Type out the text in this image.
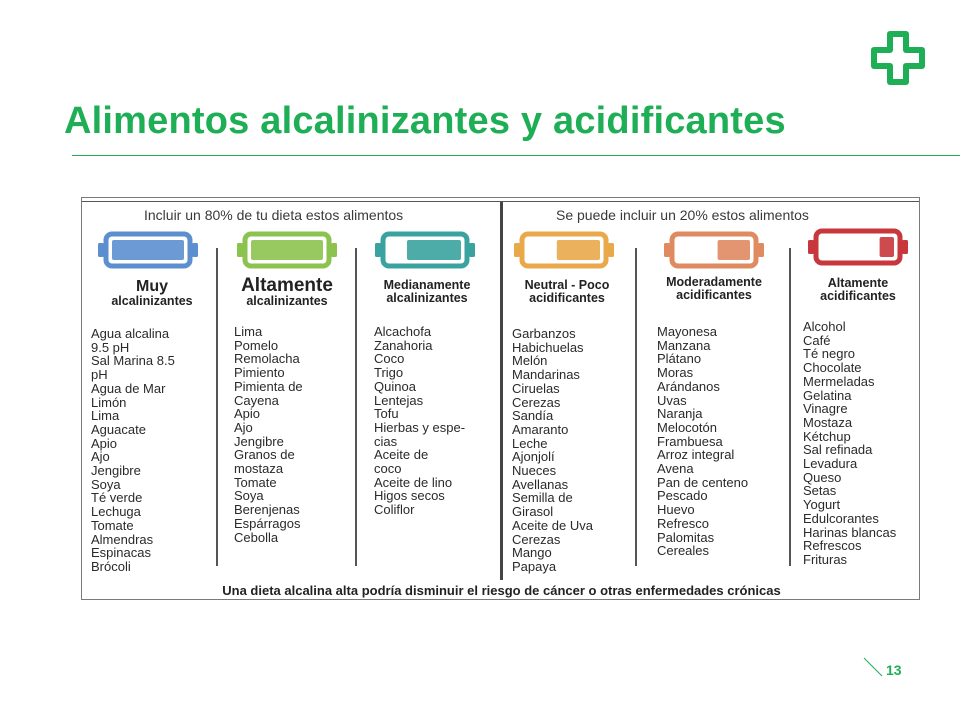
Alimentos alcalinizantes y acidificantes
Incluir un 80% de tu dieta estos alimentos	Se puede incluir un 20% estos alimentos
Muy
alcalinizantes
Agua alcalina
9.5 pH
Sal Marina 8.5
pH
Agua de Mar
Limón
Lima
Aguacate
Apio
Ajo
Jengibre
Soya
Té verde
Lechuga
Tomate
Almendras
Espinacas
Brócoli
Altamente
alcalinizantes
Lima
Pomelo
Remolacha
Pimiento
Pimienta de
Cayena
Apio
Ajo
Jengibre
Granos de
mostaza
Tomate
Soya
Berenjenas
Espárragos
Cebolla
Medianamente
alcalinizantes
Alcachofa
Zanahoria
Coco
Trigo
Quinoa
Lentejas
Tofu
Hierbas y espe-
cias
Aceite de
coco
Aceite de lino
Higos secos
Coliflor
Neutral - Poco
acidificantes
Garbanzos
Habichuelas
Melón
Mandarinas
Ciruelas
Cerezas
Sandía
Amaranto
Leche
Ajonjolí
Nueces
Avellanas
Semilla de
Girasol
Aceite de Uva
Cerezas
Mango
Papaya
Moderadamente
acidificantes
Mayonesa
Manzana
Plátano
Moras
Arándanos
Uvas
Naranja
Melocotón
Frambuesa
Arroz integral
Avena
Pan de centeno
Pescado
Huevo
Refresco
Palomitas
Cereales
Altamente
acidificantes
Alcohol
Café
Té negro
Chocolate
Mermeladas
Gelatina
Vinagre
Mostaza
Kétchup
Sal refinada
Levadura
Queso
Setas
Yogurt
Edulcorantes
Harinas blancas
Refrescos
Frituras
Una dieta alcalina alta podría disminuir el riesgo de cáncer o otras enfermedades crónicas
13
